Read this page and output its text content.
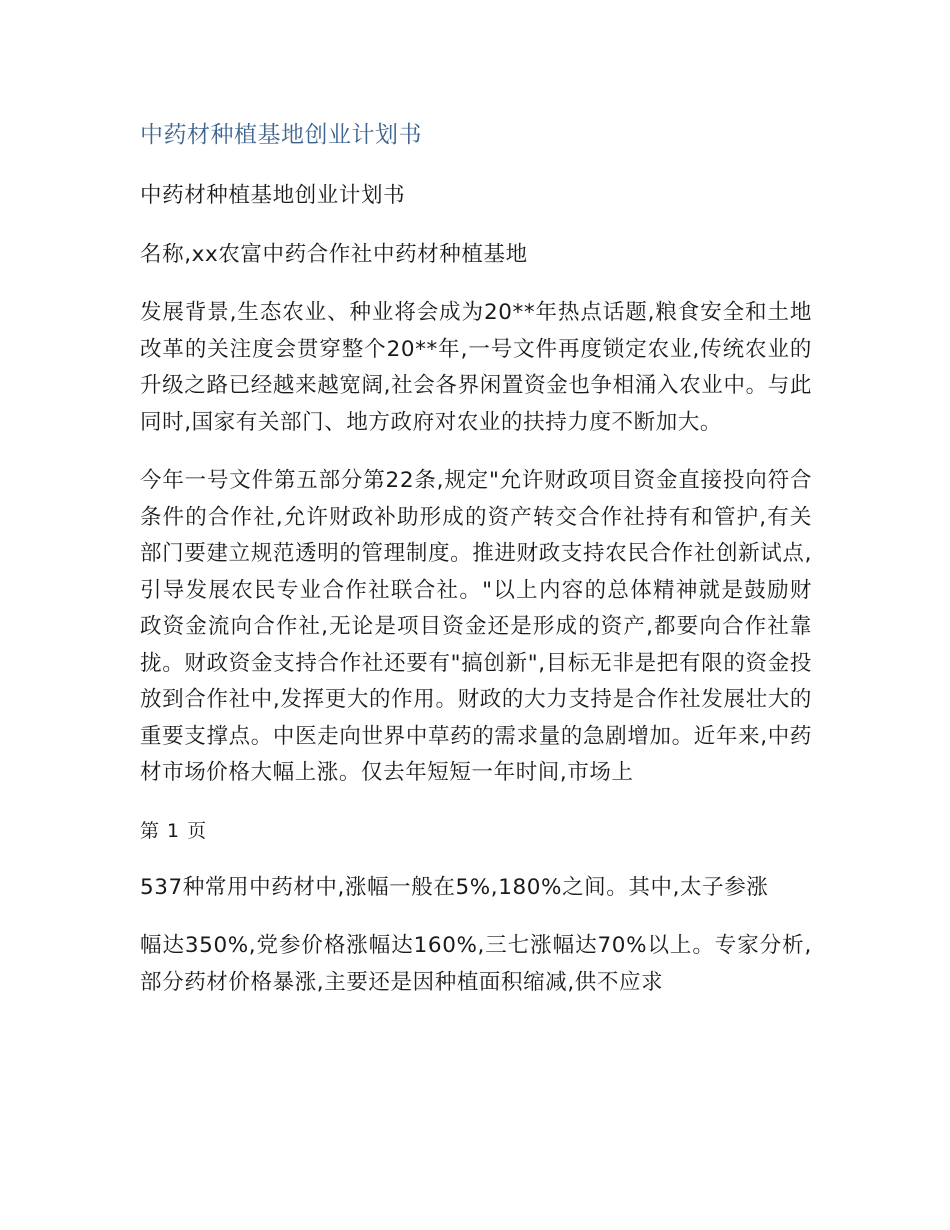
中药材种植基地创业计划书

中药材种植基地创业计划书

名称,xx农富中药合作社中药材种植基地

发展背景,生态农业、种业将会成为20**年热点话题,粮食安全和土地改革的关注度会贯穿整个20**年,一号文件再度锁定农业,传统农业的升级之路已经越来越宽阔,社会各界闲置资金也争相涌入农业中。与此同时,国家有关部门、地方政府对农业的扶持力度不断加大。

今年一号文件第五部分第22条,规定"允许财政项目资金直接投向符合条件的合作社,允许财政补助形成的资产转交合作社持有和管护,有关部门要建立规范透明的管理制度。推进财政支持农民合作社创新试点,引导发展农民专业合作社联合社。"以上内容的总体精神就是鼓励财政资金流向合作社,无论是项目资金还是形成的资产,都要向合作社靠拢。财政资金支持合作社还要有"搞创新",目标无非是把有限的资金投放到合作社中,发挥更大的作用。财政的大力支持是合作社发展壮大的重要支撑点。中医走向世界中草药的需求量的急剧增加。近年来,中药材市场价格大幅上涨。仅去年短短一年时间,市场上

第 1 页

537种常用中药材中,涨幅一般在5%,180%之间。其中,太子参涨

幅达350%,党参价格涨幅达160%,三七涨幅达70%以上。专家分析,部分药材价格暴涨,主要还是因种植面积缩减,供不应求
